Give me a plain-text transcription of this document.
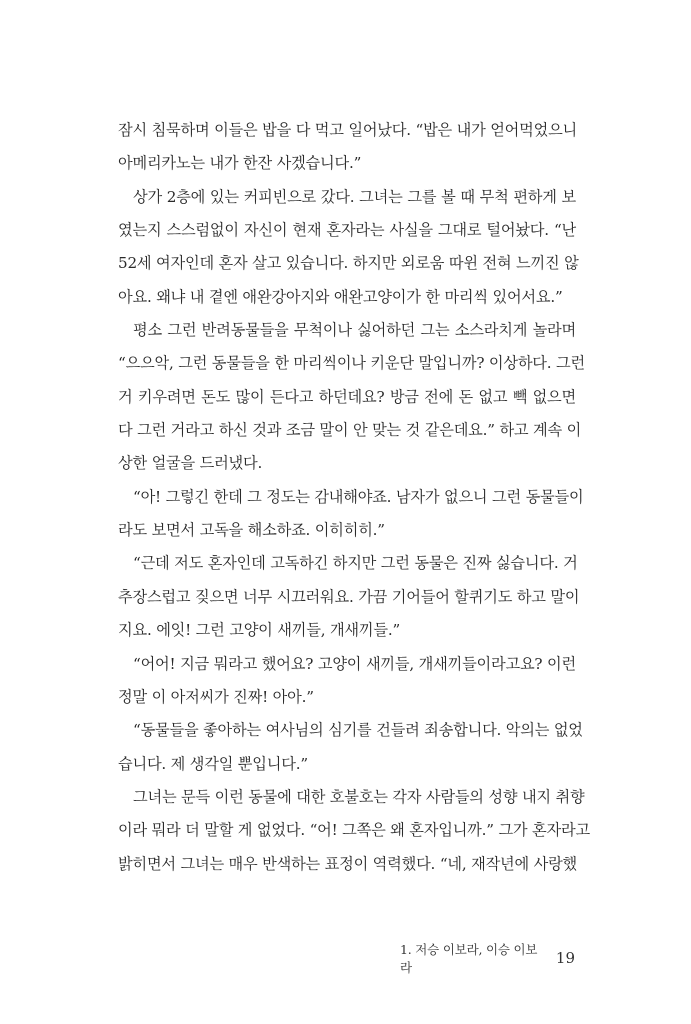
잠시 침묵하며 이들은 밥을 다 먹고 일어났다. “밥은 내가 얻어먹었으니
아메리카노는 내가 한잔 사겠습니다.”
상가 2층에 있는 커피빈으로 갔다. 그녀는 그를 볼 때 무척 편하게 보
였는지 스스럼없이 자신이 현재 혼자라는 사실을 그대로 털어놨다. “난
52세 여자인데 혼자 살고 있습니다. 하지만 외로움 따윈 전혀 느끼진 않
아요. 왜냐 내 곁엔 애완강아지와 애완고양이가 한 마리씩 있어서요.”
평소 그런 반려동물들을 무척이나 싫어하던 그는 소스라치게 놀라며
“으으악, 그런 동물들을 한 마리씩이나 키운단 말입니까? 이상하다. 그런
거 키우려면 돈도 많이 든다고 하던데요? 방금 전에 돈 없고 빽 없으면
다 그런 거라고 하신 것과 조금 말이 안 맞는 것 같은데요.” 하고 계속 이
상한 얼굴을 드러냈다.
“아! 그렇긴 한데 그 정도는 감내해야죠. 남자가 없으니 그런 동물들이
라도 보면서 고독을 해소하죠. 이히히히.”
“근데 저도 혼자인데 고독하긴 하지만 그런 동물은 진짜 싫습니다. 거
추장스럽고 짖으면 너무 시끄러워요. 가끔 기어들어 할퀴기도 하고 말이
지요. 에잇! 그런 고양이 새끼들, 개새끼들.”
“어어! 지금 뭐라고 했어요? 고양이 새끼들, 개새끼들이라고요? 이런
정말 이 아저씨가 진짜! 아아.”
“동물들을 좋아하는 여사님의 심기를 건들려 죄송합니다. 악의는 없었
습니다. 제 생각일 뿐입니다.”
그녀는 문득 이런 동물에 대한 호불호는 각자 사람들의 성향 내지 취향
이라 뭐라 더 말할 게 없었다. “어! 그쪽은 왜 혼자입니까.” 그가 혼자라고
밝히면서 그녀는 매우 반색하는 표정이 역력했다. “네, 재작년에 사랑했
1. 저승 이보라, 이승 이보라
19
